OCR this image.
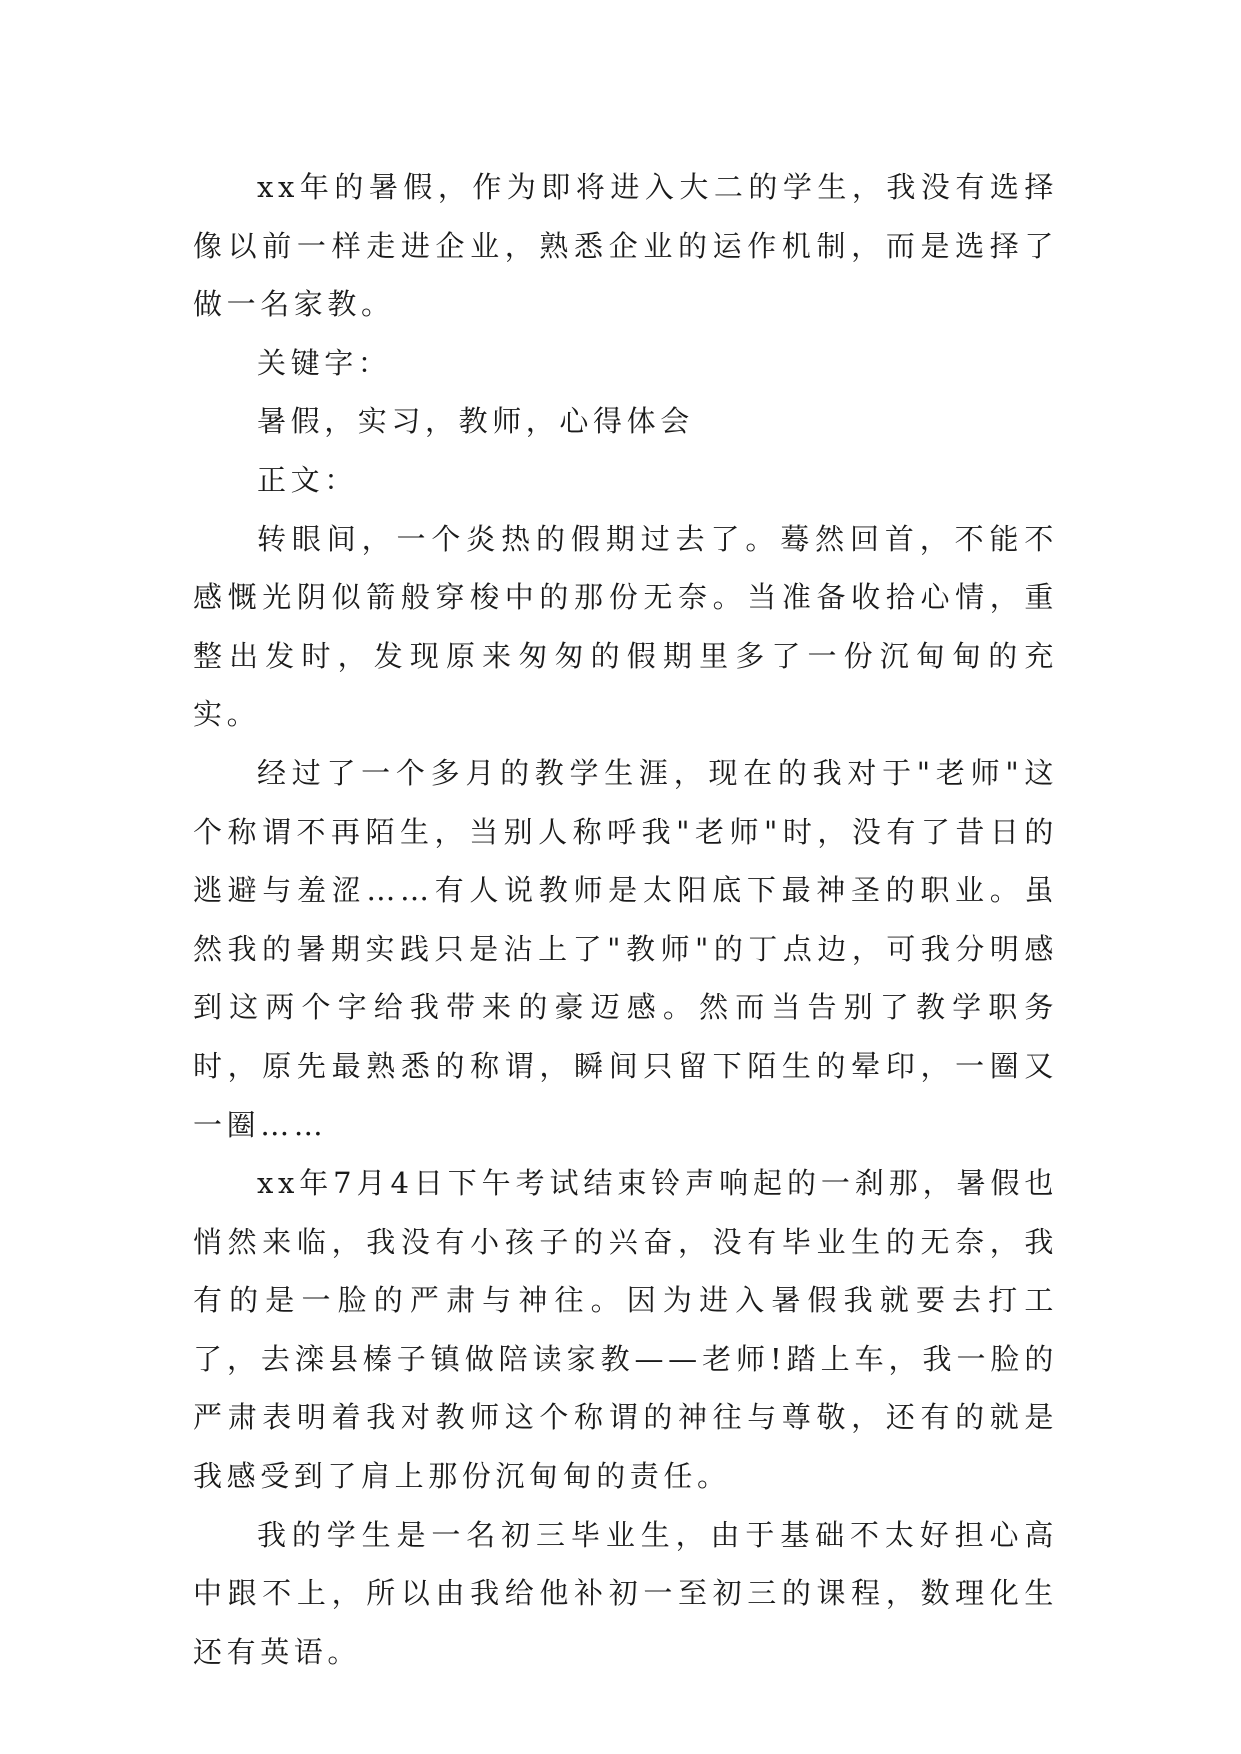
xx年的暑假，作为即将进入大二的学生，我没有选择像以前一样走进企业，熟悉企业的运作机制，而是选择了做一名家教。

关键字：

暑假，实习，教师，心得体会

正文：

转眼间，一个炎热的假期过去了。蓦然回首，不能不感慨光阴似箭般穿梭中的那份无奈。当准备收拾心情，重整出发时，发现原来匆匆的假期里多了一份沉甸甸的充实。

经过了一个多月的教学生涯，现在的我对于"老师"这个称谓不再陌生，当别人称呼我"老师"时，没有了昔日的逃避与羞涩……有人说教师是太阳底下最神圣的职业。虽然我的暑期实践只是沾上了"教师"的丁点边，可我分明感到这两个字给我带来的豪迈感。然而当告别了教学职务时，原先最熟悉的称谓，瞬间只留下陌生的晕印，一圈又一圈……

xx年7月4日下午考试结束铃声响起的一刹那，暑假也悄然来临，我没有小孩子的兴奋，没有毕业生的无奈，我有的是一脸的严肃与神往。因为进入暑假我就要去打工了，去滦县榛子镇做陪读家教——老师!踏上车，我一脸的严肃表明着我对教师这个称谓的神往与尊敬，还有的就是我感受到了肩上那份沉甸甸的责任。

我的学生是一名初三毕业生，由于基础不太好担心高中跟不上，所以由我给他补初一至初三的课程，数理化生还有英语。
